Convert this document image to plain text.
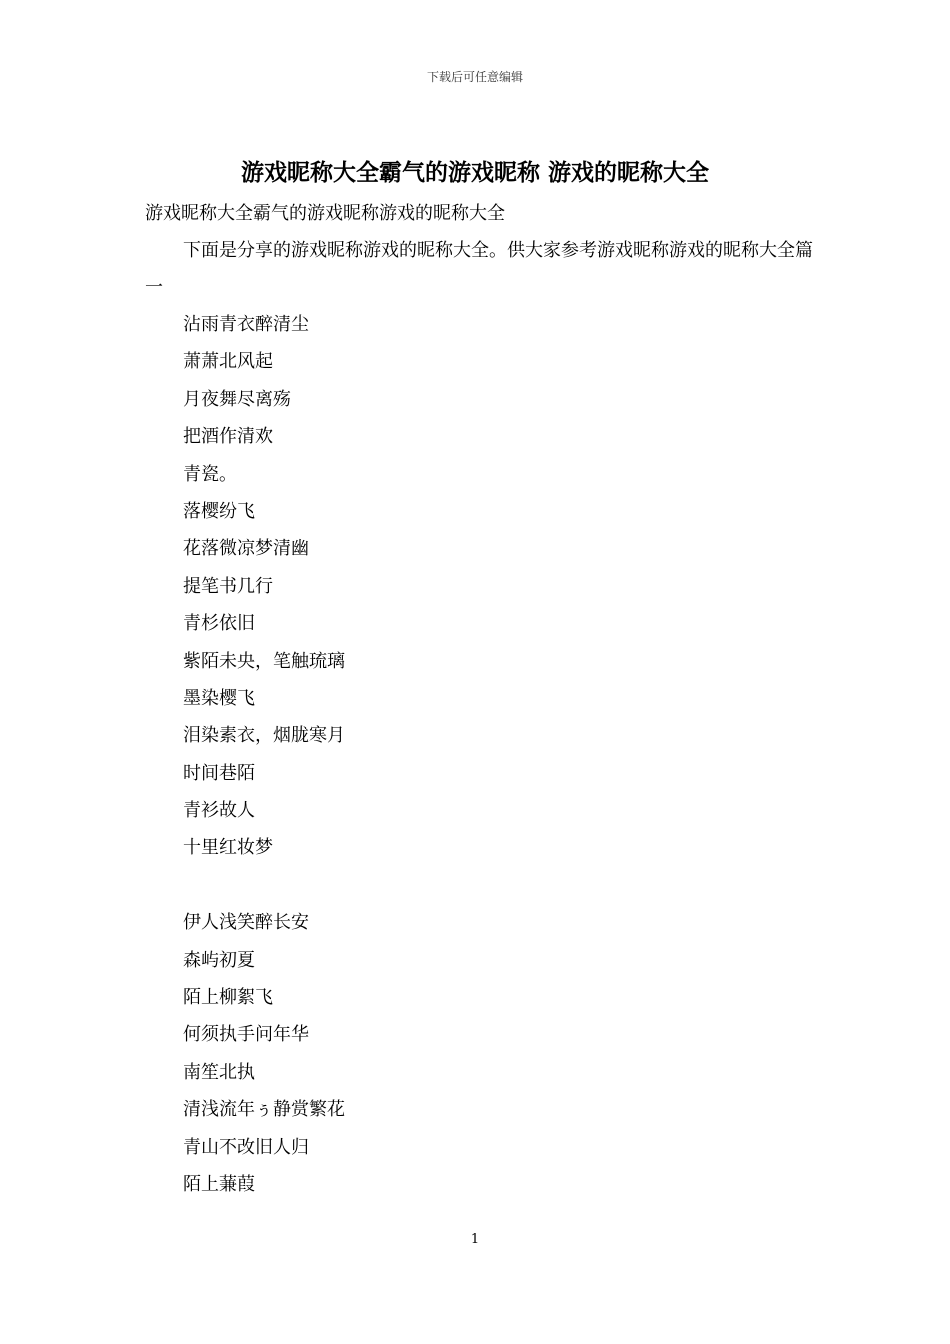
下载后可任意编辑
游戏昵称大全霸气的游戏昵称 游戏的昵称大全
游戏昵称大全霸气的游戏昵称游戏的昵称大全
下面是分享的游戏昵称游戏的昵称大全。供大家参考游戏昵称游戏的昵称大全篇一
沾雨青衣醉清尘
萧萧北风起
月夜舞尽离殇
把酒作清欢
青瓷。
落樱纷飞
花落微凉梦清幽
提笔书几行
青杉依旧
紫陌未央，笔触琉璃
墨染樱飞
泪染素衣，烟胧寒月
时间巷陌
青衫故人
十里红妆梦
伊人浅笑醉长安
森屿初夏
陌上柳絮飞
何须执手问年华
南笙北执
清浅流年ぅ静赏繁花
青山不改旧人归
陌上蒹葭
1
